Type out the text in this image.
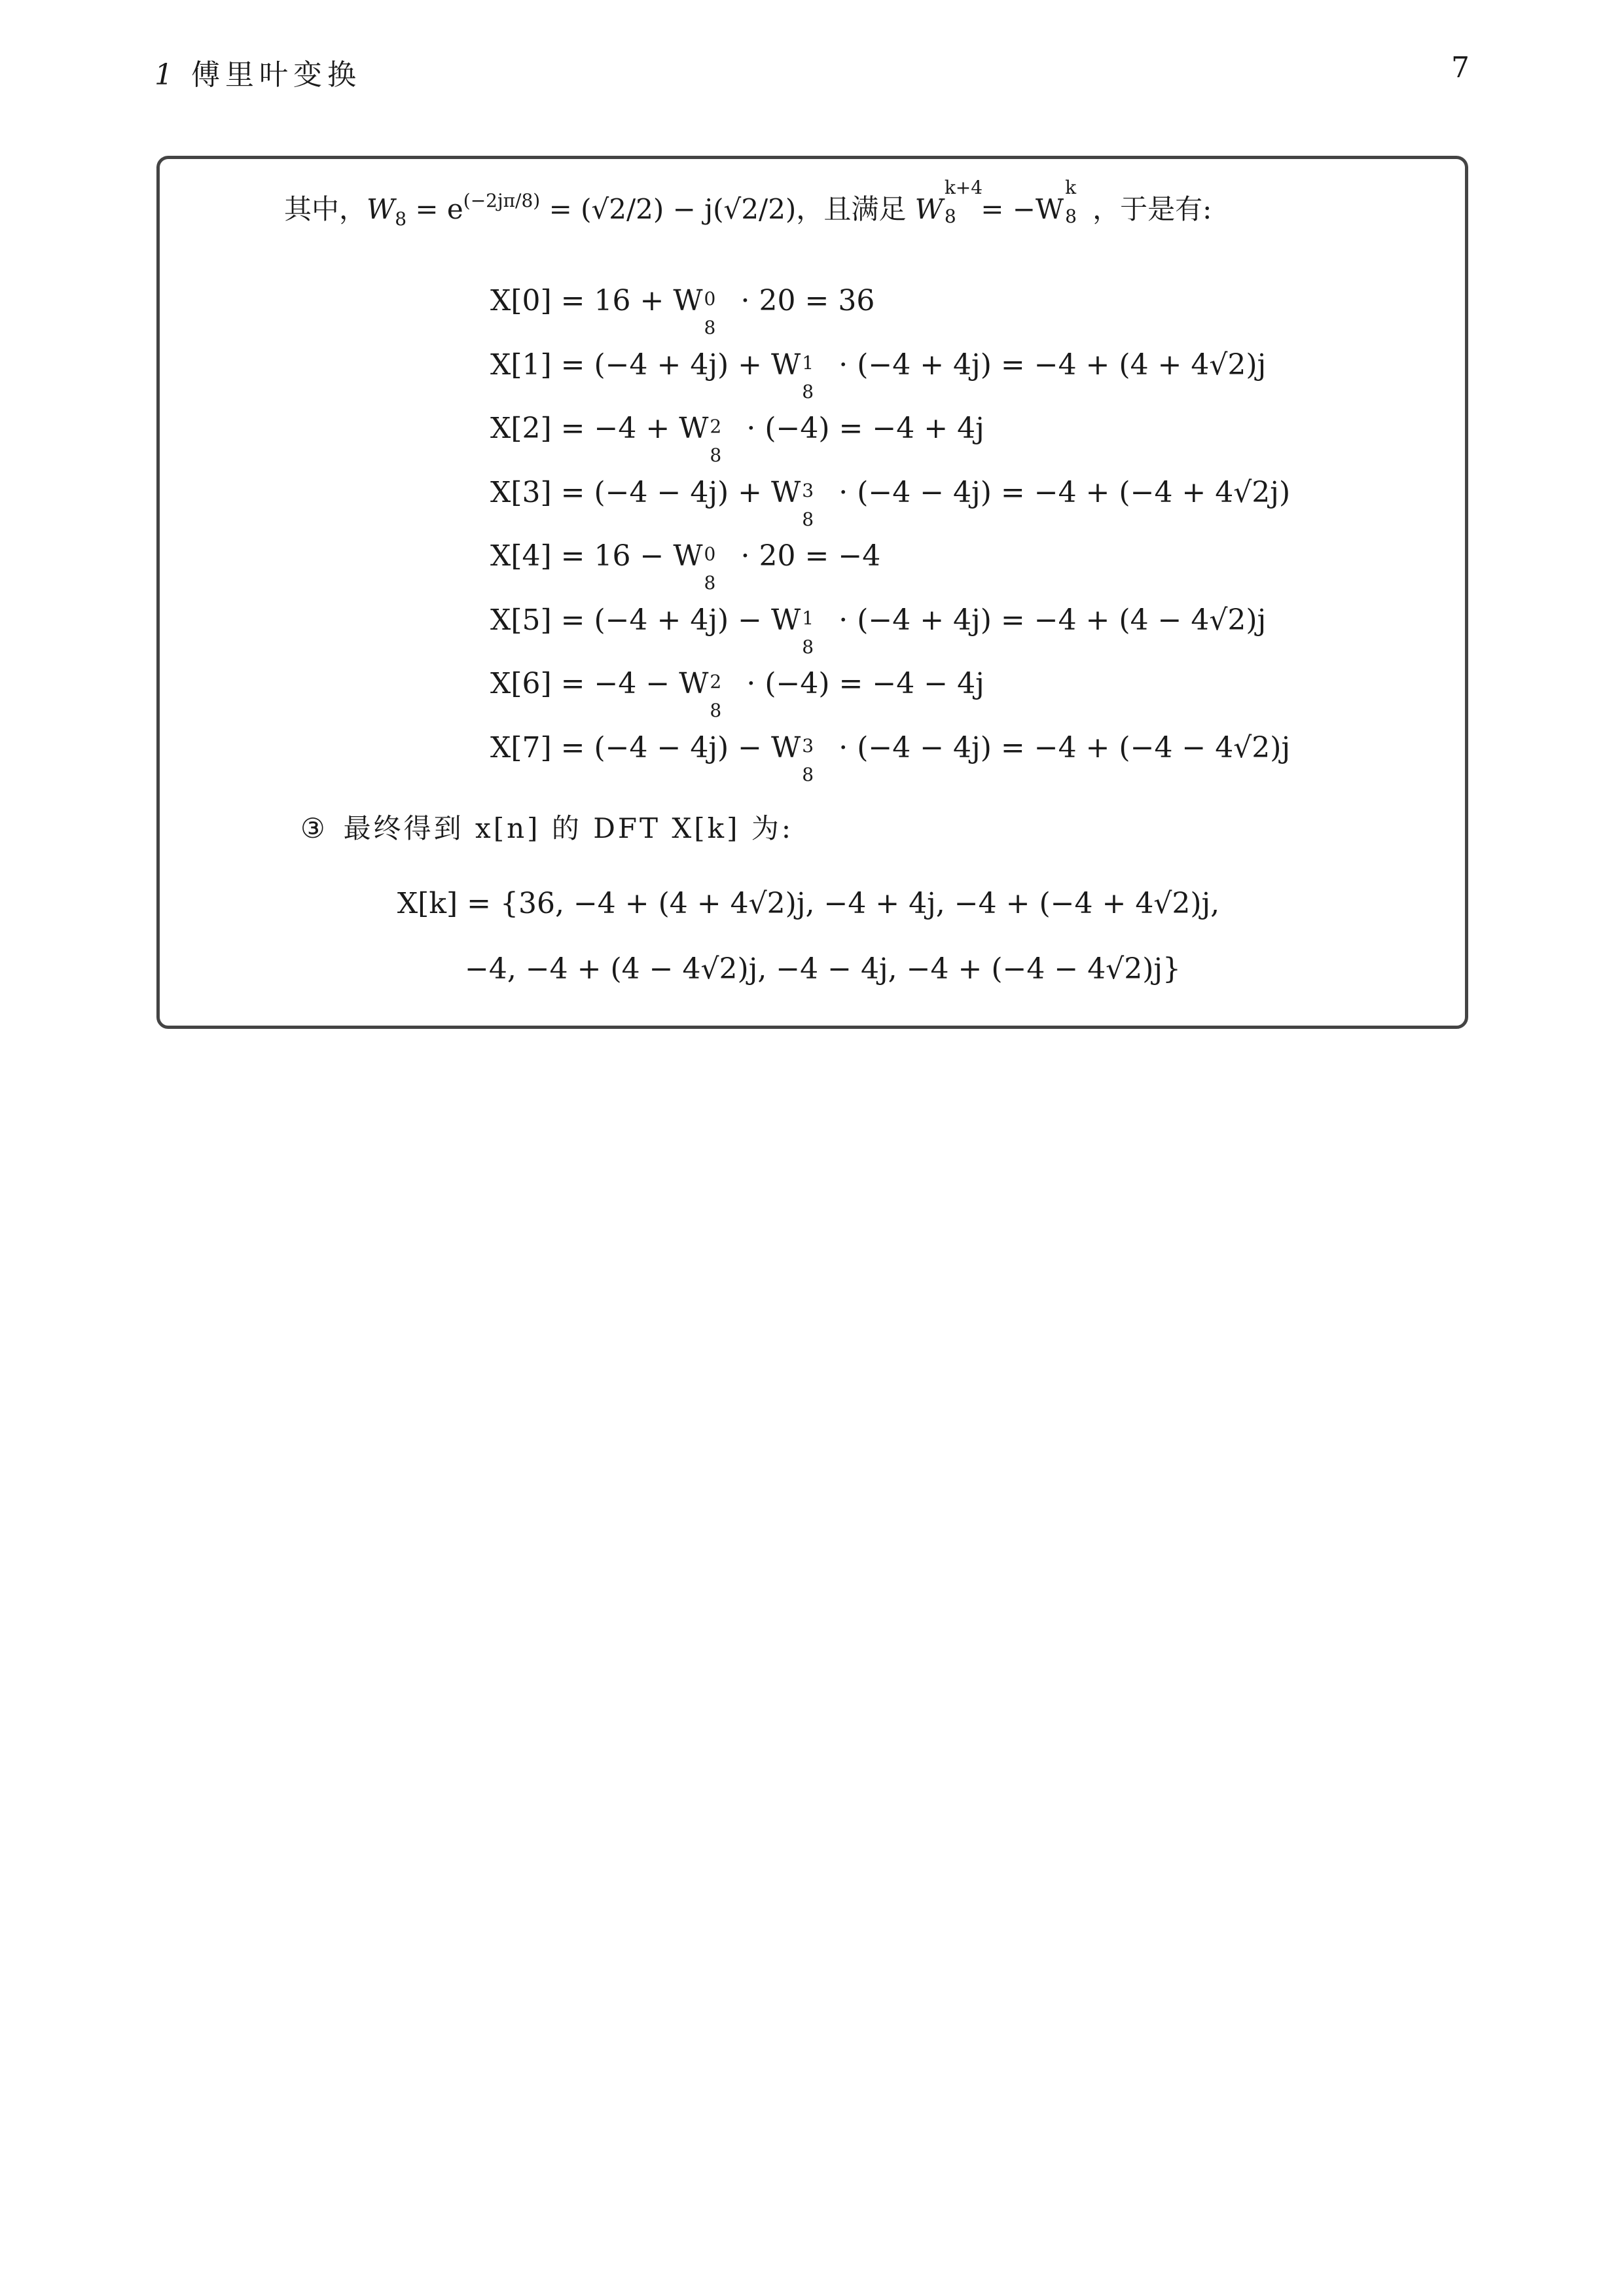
1 傅里叶变换	7
其中，$W_8 = e^{(-2j\pi/8)} = (√2/2) - j(√2/2)$，且满足 W
k+4
8 = −W
k
8 ，于是有:
X[0] = 16 + W 0
8
· 20 = 36
X[1] = (−4 + 4j) + W 1
8
· (−4 + 4j) = −4 + (4 + 4√2)j
X[2] = −4 + W 2
8
· (−4) = −4 + 4j
X[3] = (−4 − 4j) + W 3
8
· (−4 − 4j) = −4 + (−4 + 4√2j)
X[4] = 16 − W 0
8
· 20 = −4
X[5] = (−4 + 4j) − W 1
8
· (−4 + 4j) = −4 + (4 − 4√2)j
X[6] = −4 − W 2
8
· (−4) = −4 − 4j
X[7] = (−4 − 4j) − W 3
8
· (−4 − 4j) = −4 + (−4 − 4√2)j
③ 最终得到 x[n] 的 DFT X[k] 为:
X[k] = {36, −4 + (4 + 4√2)j, −4 + 4j, −4 + (−4 + 4√2)j,
−4, −4 + (4 − 4√2)j, −4 − 4j, −4 + (−4 − 4√2)j}
